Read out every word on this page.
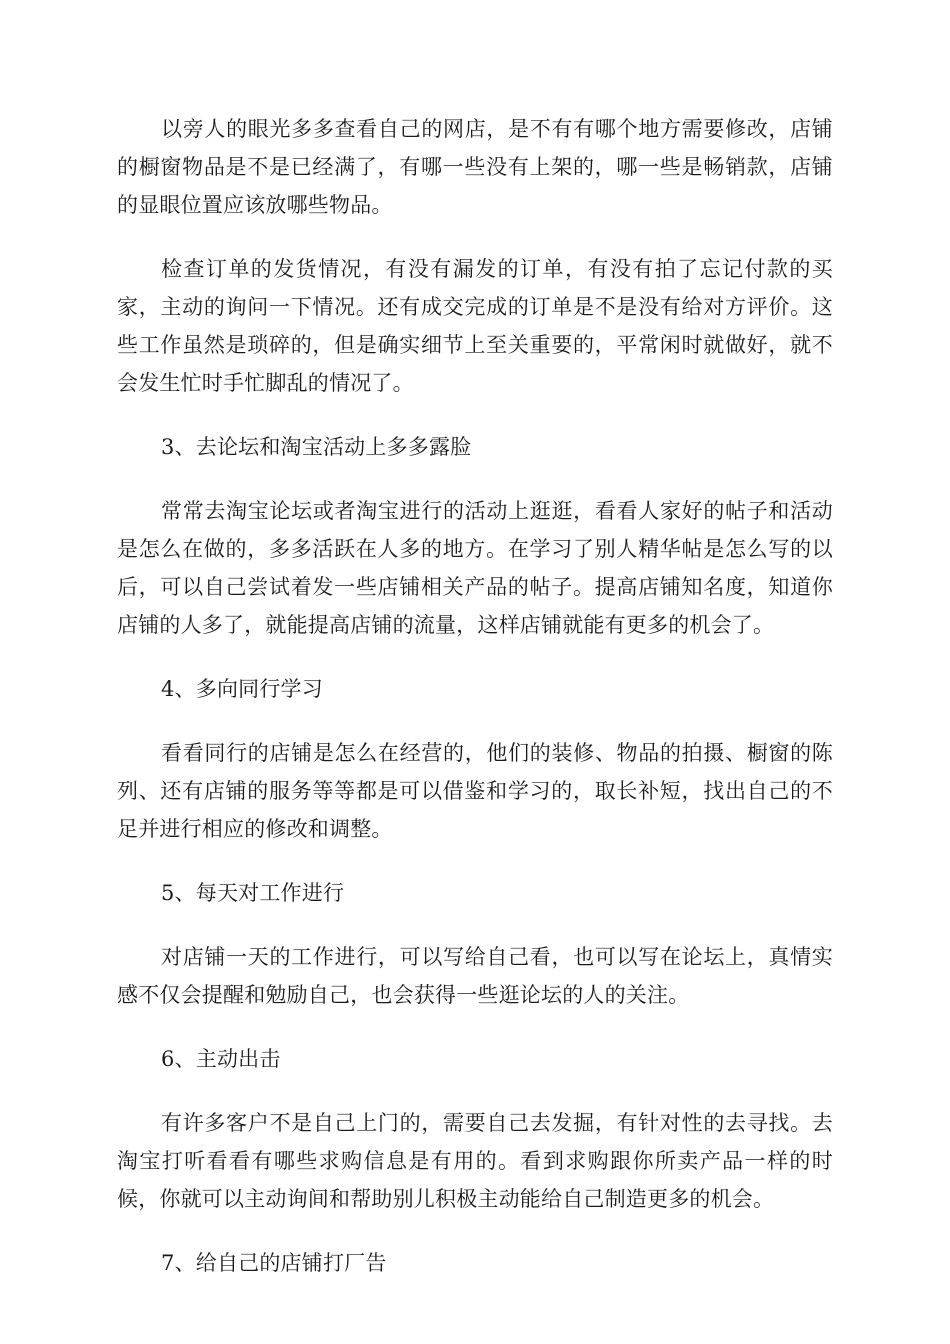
以旁人的眼光多多查看自己的网店，是不有有哪个地方需要修改，店铺的橱窗物品是不是已经满了，有哪一些没有上架的，哪一些是畅销款，店铺的显眼位置应该放哪些物品。

检查订单的发货情况，有没有漏发的订单，有没有拍了忘记付款的买家，主动的询问一下情况。还有成交完成的订单是不是没有给对方评价。这些工作虽然是琐碎的，但是确实细节上至关重要的，平常闲时就做好，就不会发生忙时手忙脚乱的情况了。

3、去论坛和淘宝活动上多多露脸

常常去淘宝论坛或者淘宝进行的活动上逛逛，看看人家好的帖子和活动是怎么在做的，多多活跃在人多的地方。在学习了别人精华帖是怎么写的以后，可以自己尝试着发一些店铺相关产品的帖子。提高店铺知名度，知道你店铺的人多了，就能提高店铺的流量，这样店铺就能有更多的机会了。

4、多向同行学习

看看同行的店铺是怎么在经营的，他们的装修、物品的拍摄、橱窗的陈列、还有店铺的服务等等都是可以借鉴和学习的，取长补短，找出自己的不足并进行相应的修改和调整。

5、每天对工作进行

对店铺一天的工作进行，可以写给自己看，也可以写在论坛上，真情实感不仅会提醒和勉励自己，也会获得一些逛论坛的人的关注。

6、主动出击

有许多客户不是自己上门的，需要自己去发掘，有针对性的去寻找。去淘宝打听看看有哪些求购信息是有用的。看到求购跟你所卖产品一样的时候，你就可以主动询间和帮助别儿积极主动能给自己制造更多的机会。

7、给自己的店铺打厂告
